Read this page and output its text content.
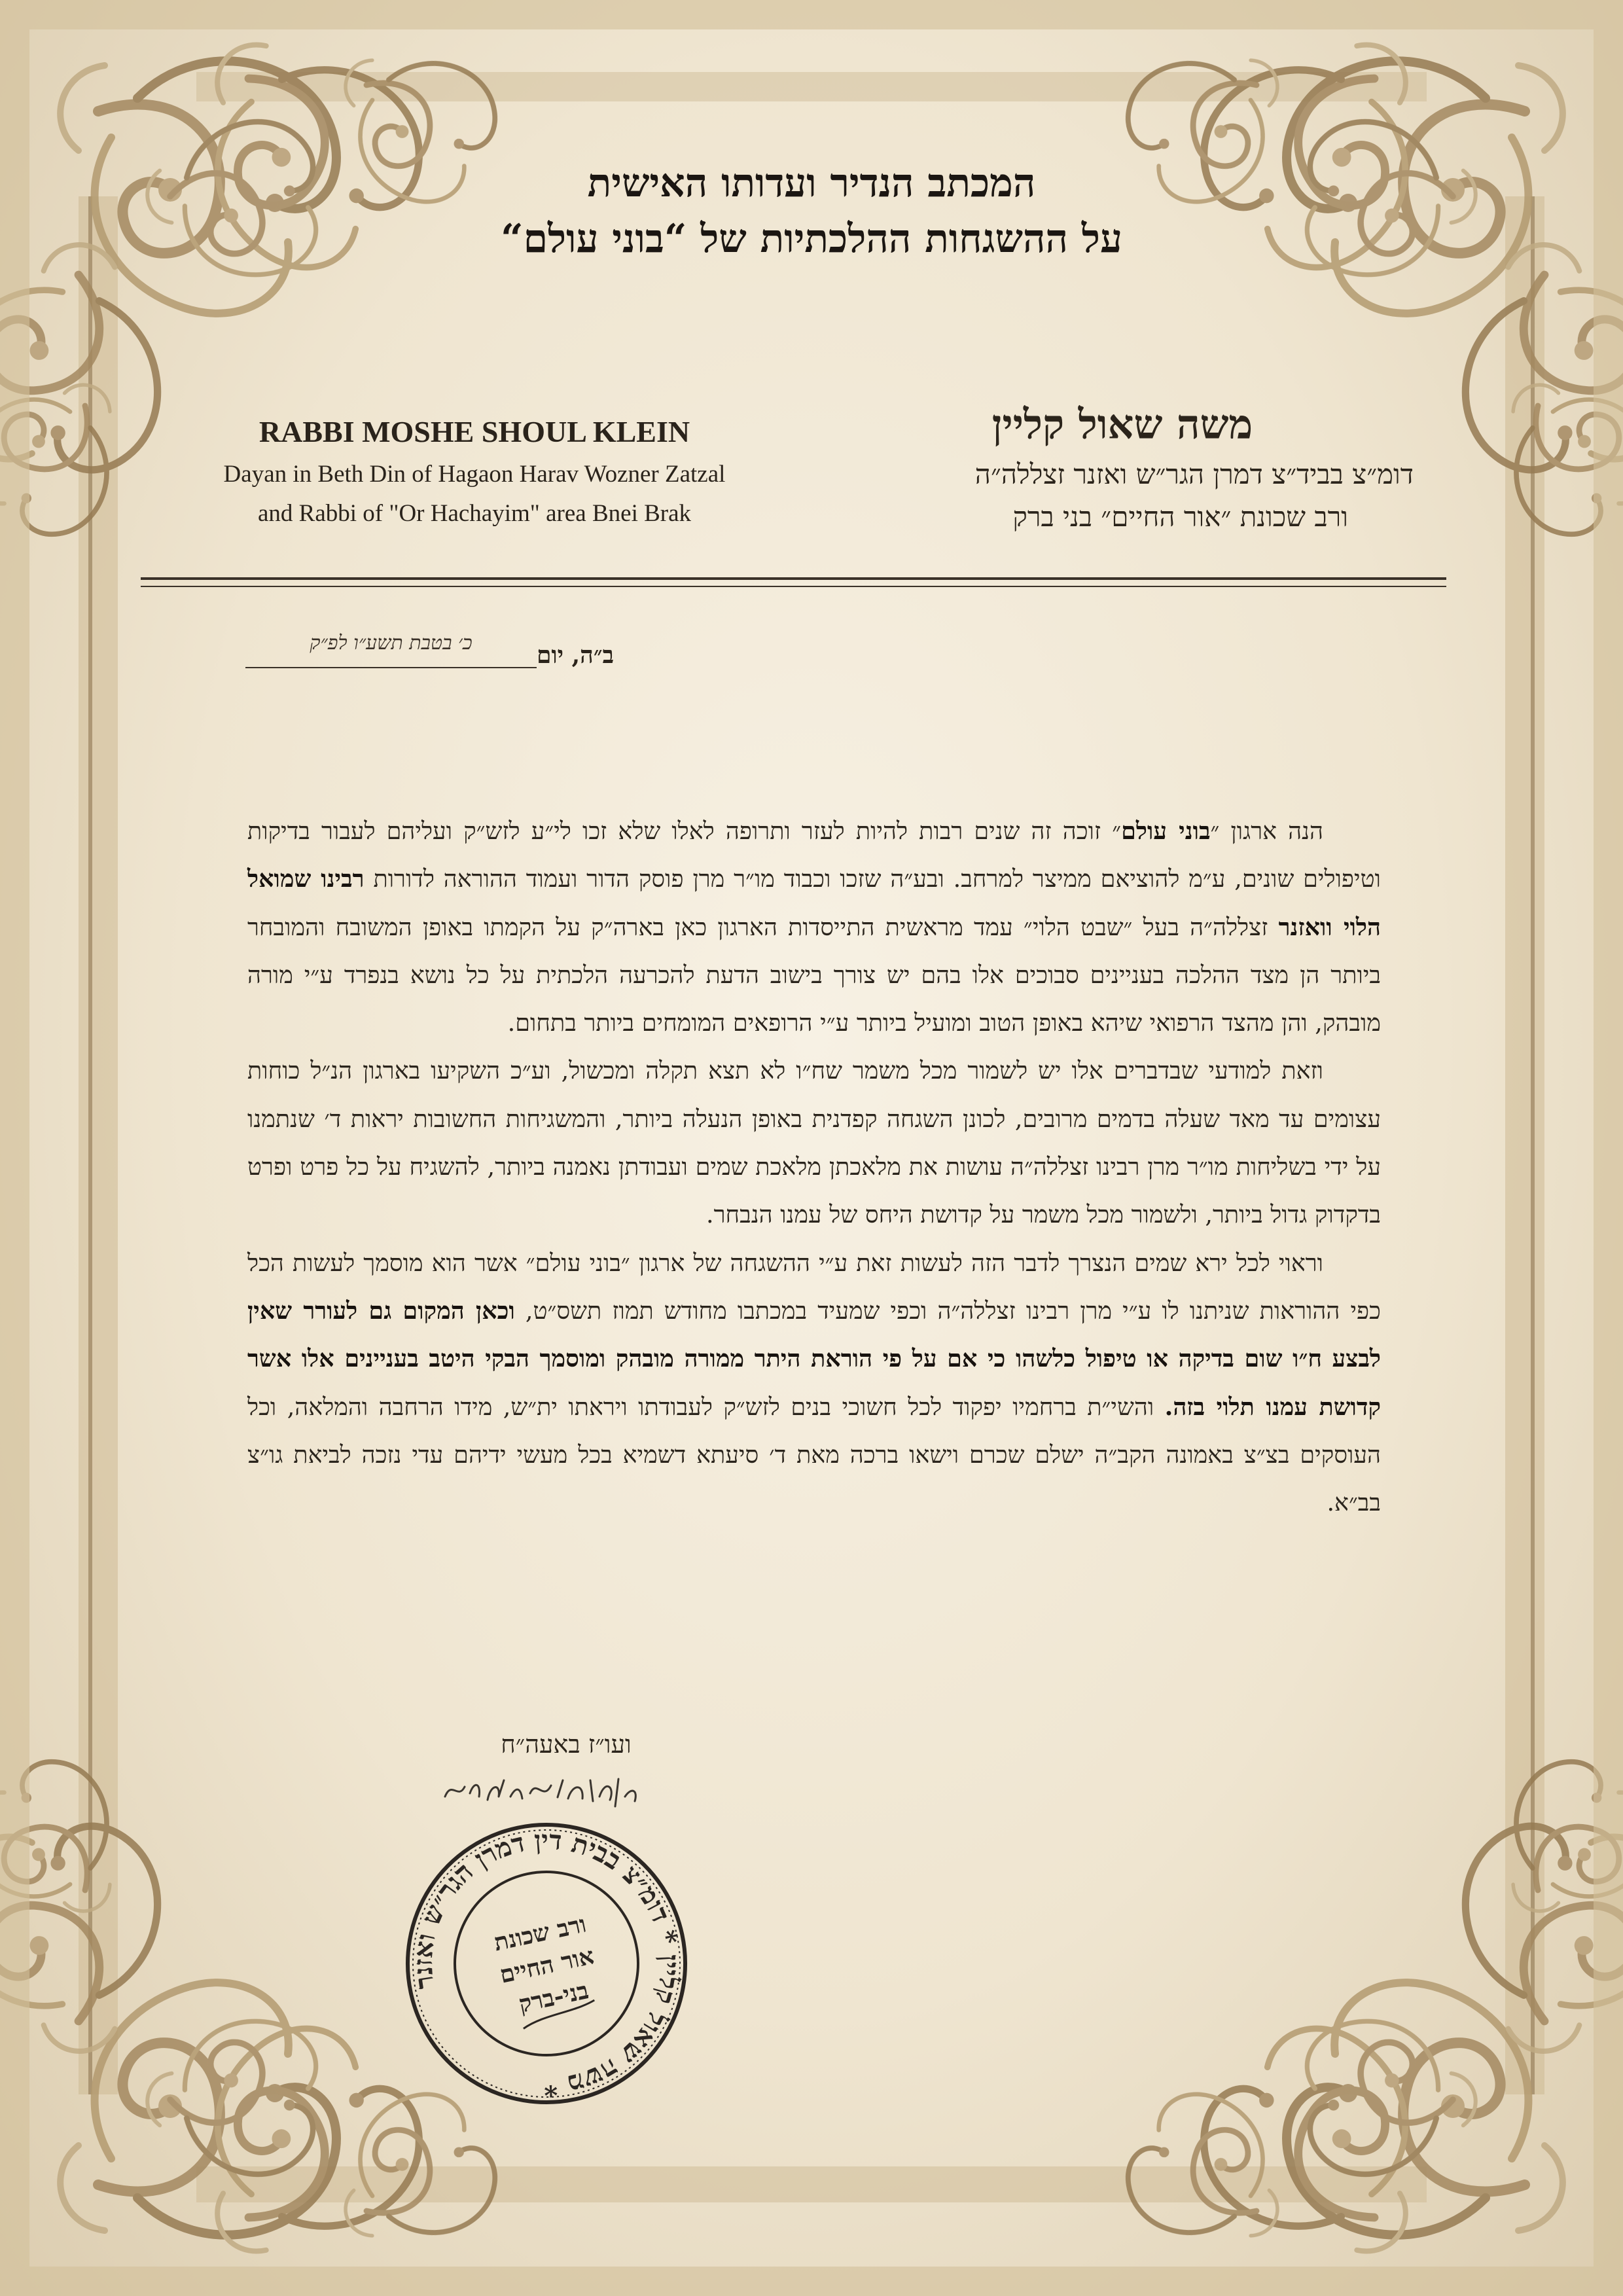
המכתב הנדיר ועדותו האישית
על ההשגחות ההלכתיות של “בוני עולם“
RABBI MOSHE SHOUL KLEIN
Dayan in Beth Din of Hagaon Harav Wozner Zatzal
and Rabbi of "Or Hachayim" area Bnei Brak
משה שאול קליין
דומ״צ בביד״צ דמרן הגר״ש ואזנר זצללה״ה
ורב שכונת ״אור החיים״ בני ברק
ב״ה, יום
כ׳ בטבת תשע״ו לפ״ק

הנה ארגון ״בוני עולם״ זוכה זה שנים רבות להיות לעזר ותרופה לאלו שלא זכו לי״ע לזש״ק ועליהם לעבור בדיקות וטיפולים שונים, ע״מ להוציאם ממיצר למרחב. ובע״ה שזכו וכבוד מו״ר מרן פוסק הדור ועמוד ההוראה לדורות רבינו שמואל הלוי וואזנר זצללה״ה בעל ״שבט הלוי״ עמד מראשית התייסדות הארגון כאן בארה״ק על הקמתו באופן המשובח והמובחר ביותר הן מצד ההלכה בעניינים סבוכים אלו בהם יש צורך בישוב הדעת להכרעה הלכתית על כל נושא בנפרד ע״י מורה מובהק, והן מהצד הרפואי שיהא באופן הטוב ומועיל ביותר ע״י הרופאים המומחים ביותר בתחום.

וזאת למודעי שבדברים אלו יש לשמור מכל משמר שח״ו לא תצא תקלה ומכשול, וע״כ השקיעו בארגון הנ״ל כוחות עצומים עד מאד שעלה בדמים מרובים, לכונן השגחה קפדנית באופן הנעלה ביותר, והמשגיחות החשובות יראות ד׳ שנתמנו על ידי בשליחות מו״ר מרן רבינו זצללה״ה עושות את מלאכתן מלאכת שמים ועבודתן נאמנה ביותר, להשגיח על כל פרט ופרט בדקדוק גדול ביותר, ולשמור מכל משמר על קדושת היחס של עמנו הנבחר.

וראוי לכל ירא שמים הנצרך לדבר הזה לעשות זאת ע״י ההשגחה של ארגון ״בוני עולם״ אשר הוא מוסמך לעשות הכל כפי ההוראות שניתנו לו ע״י מרן רבינו זצללה״ה וכפי שמעיד במכתבו מחודש תמוז תשס״ט, וכאן המקום גם לעורר שאין לבצע ח״ו שום בדיקה או טיפול כלשהו כי אם על פי הוראת היתר ממורה מובהק ומוסמך הבקי היטב בעניינים אלו אשר קדושת עמנו תלוי בזה. והשי״ת ברחמיו יפקוד לכל חשוכי בנים לזש״ק לעבודתו ויראתו ית״ש, מידו הרחבה והמלאה, וכל העוסקים בצ״צ באמונה הקב״ה ישלם שכרם וישאו ברכה מאת ד׳ סיעתא דשמיא בכל מעשי ידיהם עדי נזכה לביאת גו״צ בב״א.

ועו״ז באעה״ח
משה שאול קליין * דומ״צ בבית דין דמרן הגר״ש ואזנר *
ורב שכונת
אור החיים
בני-ברק
